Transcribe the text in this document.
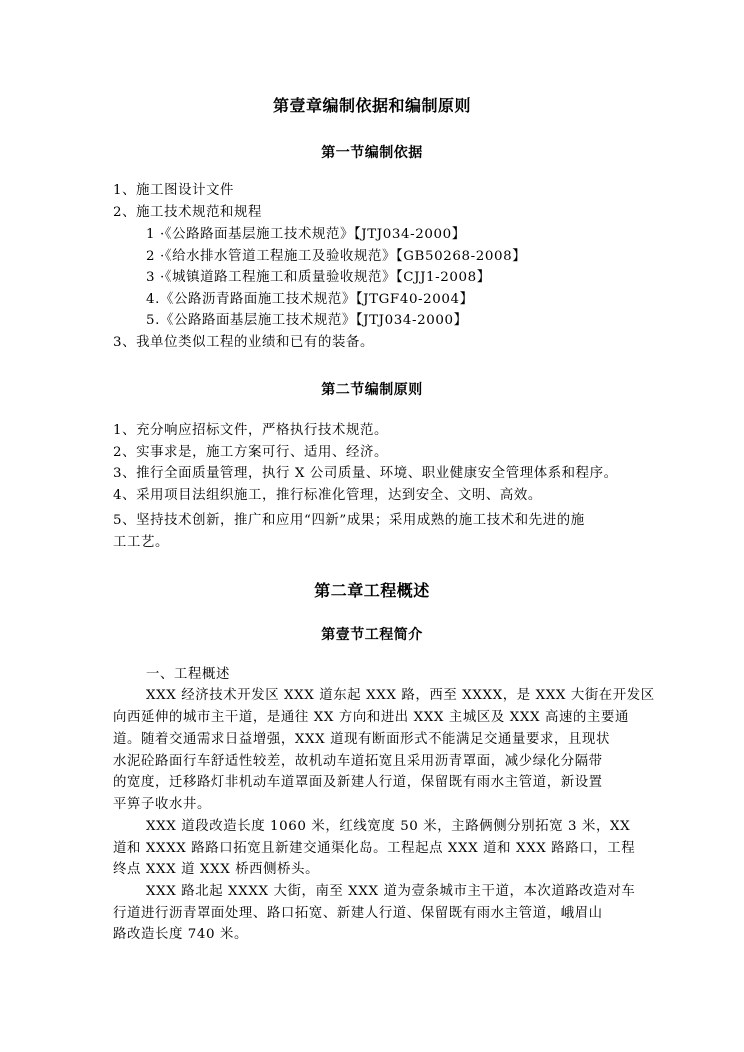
第壹章编制依据和编制原则
第一节编制依据
1、施工图设计文件
2、施工技术规范和规程
1 ·《公路路面基层施工技术规范》【JTJ034-2000】
2 ·《给水排水管道工程施工及验收规范》【GB50268-2008】
3 ·《城镇道路工程施工和质量验收规范》【CJJ1-2008】
4.《公路沥青路面施工技术规范》【JTGF40-2004】
5.《公路路面基层施工技术规范》【JTJ034-2000】
3、我单位类似工程的业绩和已有的装备。
第二节编制原则
1、充分响应招标文件，严格执行技术规范。
2、实事求是，施工方案可行、适用、经济。
3、推行全面质量管理，执行 X 公司质量、环境、职业健康安全管理体系和程序。
4、采用项目法组织施工，推行标准化管理，达到安全、文明、高效。
5、坚持技术创新，推广和应用“四新”成果；采用成熟的施工技术和先进的施
工工艺。
第二章工程概述
第壹节工程简介
一、工程概述
XXX 经济技术开发区 XXX 道东起 XXX 路，西至 XXXX，是 XXX 大街在开发区
向西延伸的城市主干道，是通往 XX 方向和进出 XXX 主城区及 XXX 高速的主要通
道。随着交通需求日益增强，XXX 道现有断面形式不能满足交通量要求，且现状
水泥砼路面行车舒适性较差，故机动车道拓宽且采用沥青罩面，减少绿化分隔带
的宽度，迁移路灯非机动车道罩面及新建人行道，保留既有雨水主管道，新设置
平箅子收水井。
XXX 道段改造长度 1060 米，红线宽度 50 米，主路俩侧分别拓宽 3 米，XX
道和 XXXX 路路口拓宽且新建交通渠化岛。工程起点 XXX 道和 XXX 路路口，工程
终点 XXX 道 XXX 桥西侧桥头。
XXX 路北起 XXXX 大街，南至 XXX 道为壹条城市主干道，本次道路改造对车
行道进行沥青罩面处理、路口拓宽、新建人行道、保留既有雨水主管道，峨眉山
路改造长度 740 米。
